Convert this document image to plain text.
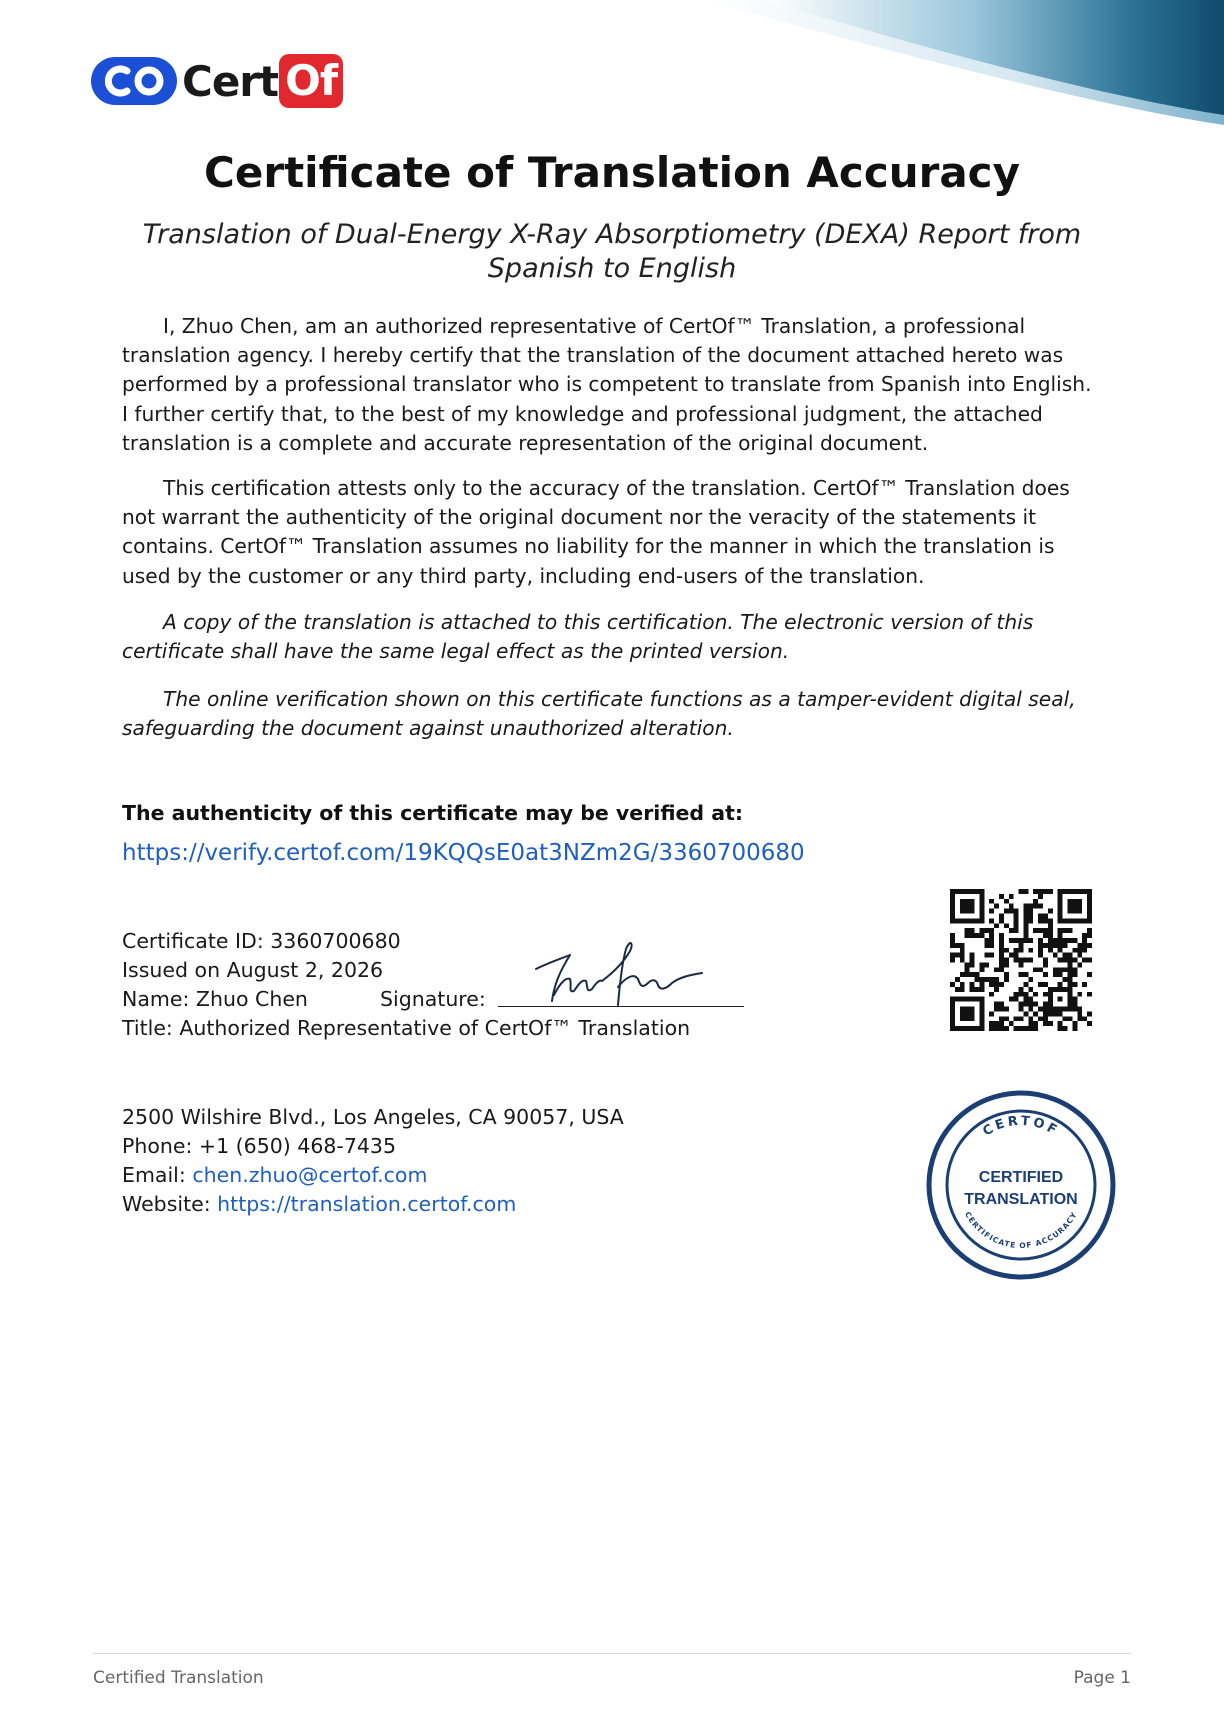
Cert Of
Certificate of Translation Accuracy
Translation of Dual-Energy X-Ray Absorptiometry (DEXA) Report from Spanish to English

I, Zhuo Chen, am an authorized representative of CertOf™ Translation, a professional translation agency. I hereby certify that the translation of the document attached hereto was performed by a professional translator who is competent to translate from Spanish into English. I further certify that, to the best of my knowledge and professional judgment, the attached translation is a complete and accurate representation of the original document.

This certification attests only to the accuracy of the translation. CertOf™ Translation does not warrant the authenticity of the original document nor the veracity of the statements it contains. CertOf™ Translation assumes no liability for the manner in which the translation is used by the customer or any third party, including end-users of the translation.

A copy of the translation is attached to this certification. The electronic version of this certificate shall have the same legal effect as the printed version.

The online verification shown on this certificate functions as a tamper-evident digital seal, safeguarding the document against unauthorized alteration.

The authenticity of this certificate may be verified at:
https://verify.certof.com/19KQQsE0at3NZm2G/3360700680
Certificate ID: 3360700680
Issued on August 2, 2026
Name: Zhuo Chen	Signature:
Title: Authorized Representative of CertOf™ Translation
2500 Wilshire Blvd., Los Angeles, CA 90057, USA
Phone: +1 (650) 468-7435
Email: chen.zhuo@certof.com
Website: https://translation.certof.com
CERTOF
CERTIFIED
TRANSLATION
CERTIFICATE OF ACCURACY
Certified Translation	Page 1
